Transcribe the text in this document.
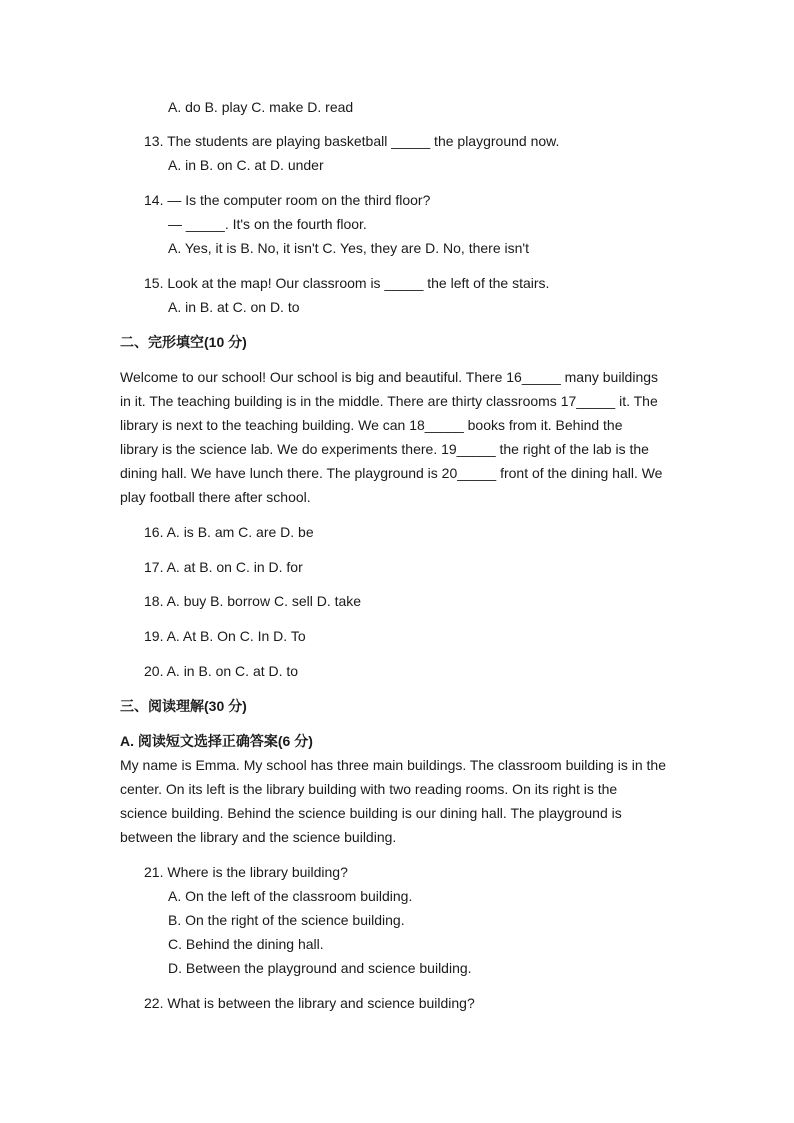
A. do B. play C. make D. read
13. The students are playing basketball _____ the playground now.
A. in B. on C. at D. under
14. — Is the computer room on the third floor?
— _____. It's on the fourth floor.
A. Yes, it is B. No, it isn't C. Yes, they are D. No, there isn't
15. Look at the map! Our classroom is _____ the left of the stairs.
A. in B. at C. on D. to
二、完形填空(10 分)
Welcome to our school! Our school is big and beautiful. There 16_____ many buildings
in it. The teaching building is in the middle. There are thirty classrooms 17_____ it. The
library is next to the teaching building. We can 18_____ books from it. Behind the
library is the science lab. We do experiments there. 19_____ the right of the lab is the
dining hall. We have lunch there. The playground is 20_____ front of the dining hall. We
play football there after school.
16. A. is B. am C. are D. be
17. A. at B. on C. in D. for
18. A. buy B. borrow C. sell D. take
19. A. At B. On C. In D. To
20. A. in B. on C. at D. to
三、阅读理解(30 分)
A. 阅读短文选择正确答案(6 分)
My name is Emma. My school has three main buildings. The classroom building is in the
center. On its left is the library building with two reading rooms. On its right is the
science building. Behind the science building is our dining hall. The playground is
between the library and the science building.
21. Where is the library building?
A. On the left of the classroom building.
B. On the right of the science building.
C. Behind the dining hall.
D. Between the playground and science building.
22. What is between the library and science building?
